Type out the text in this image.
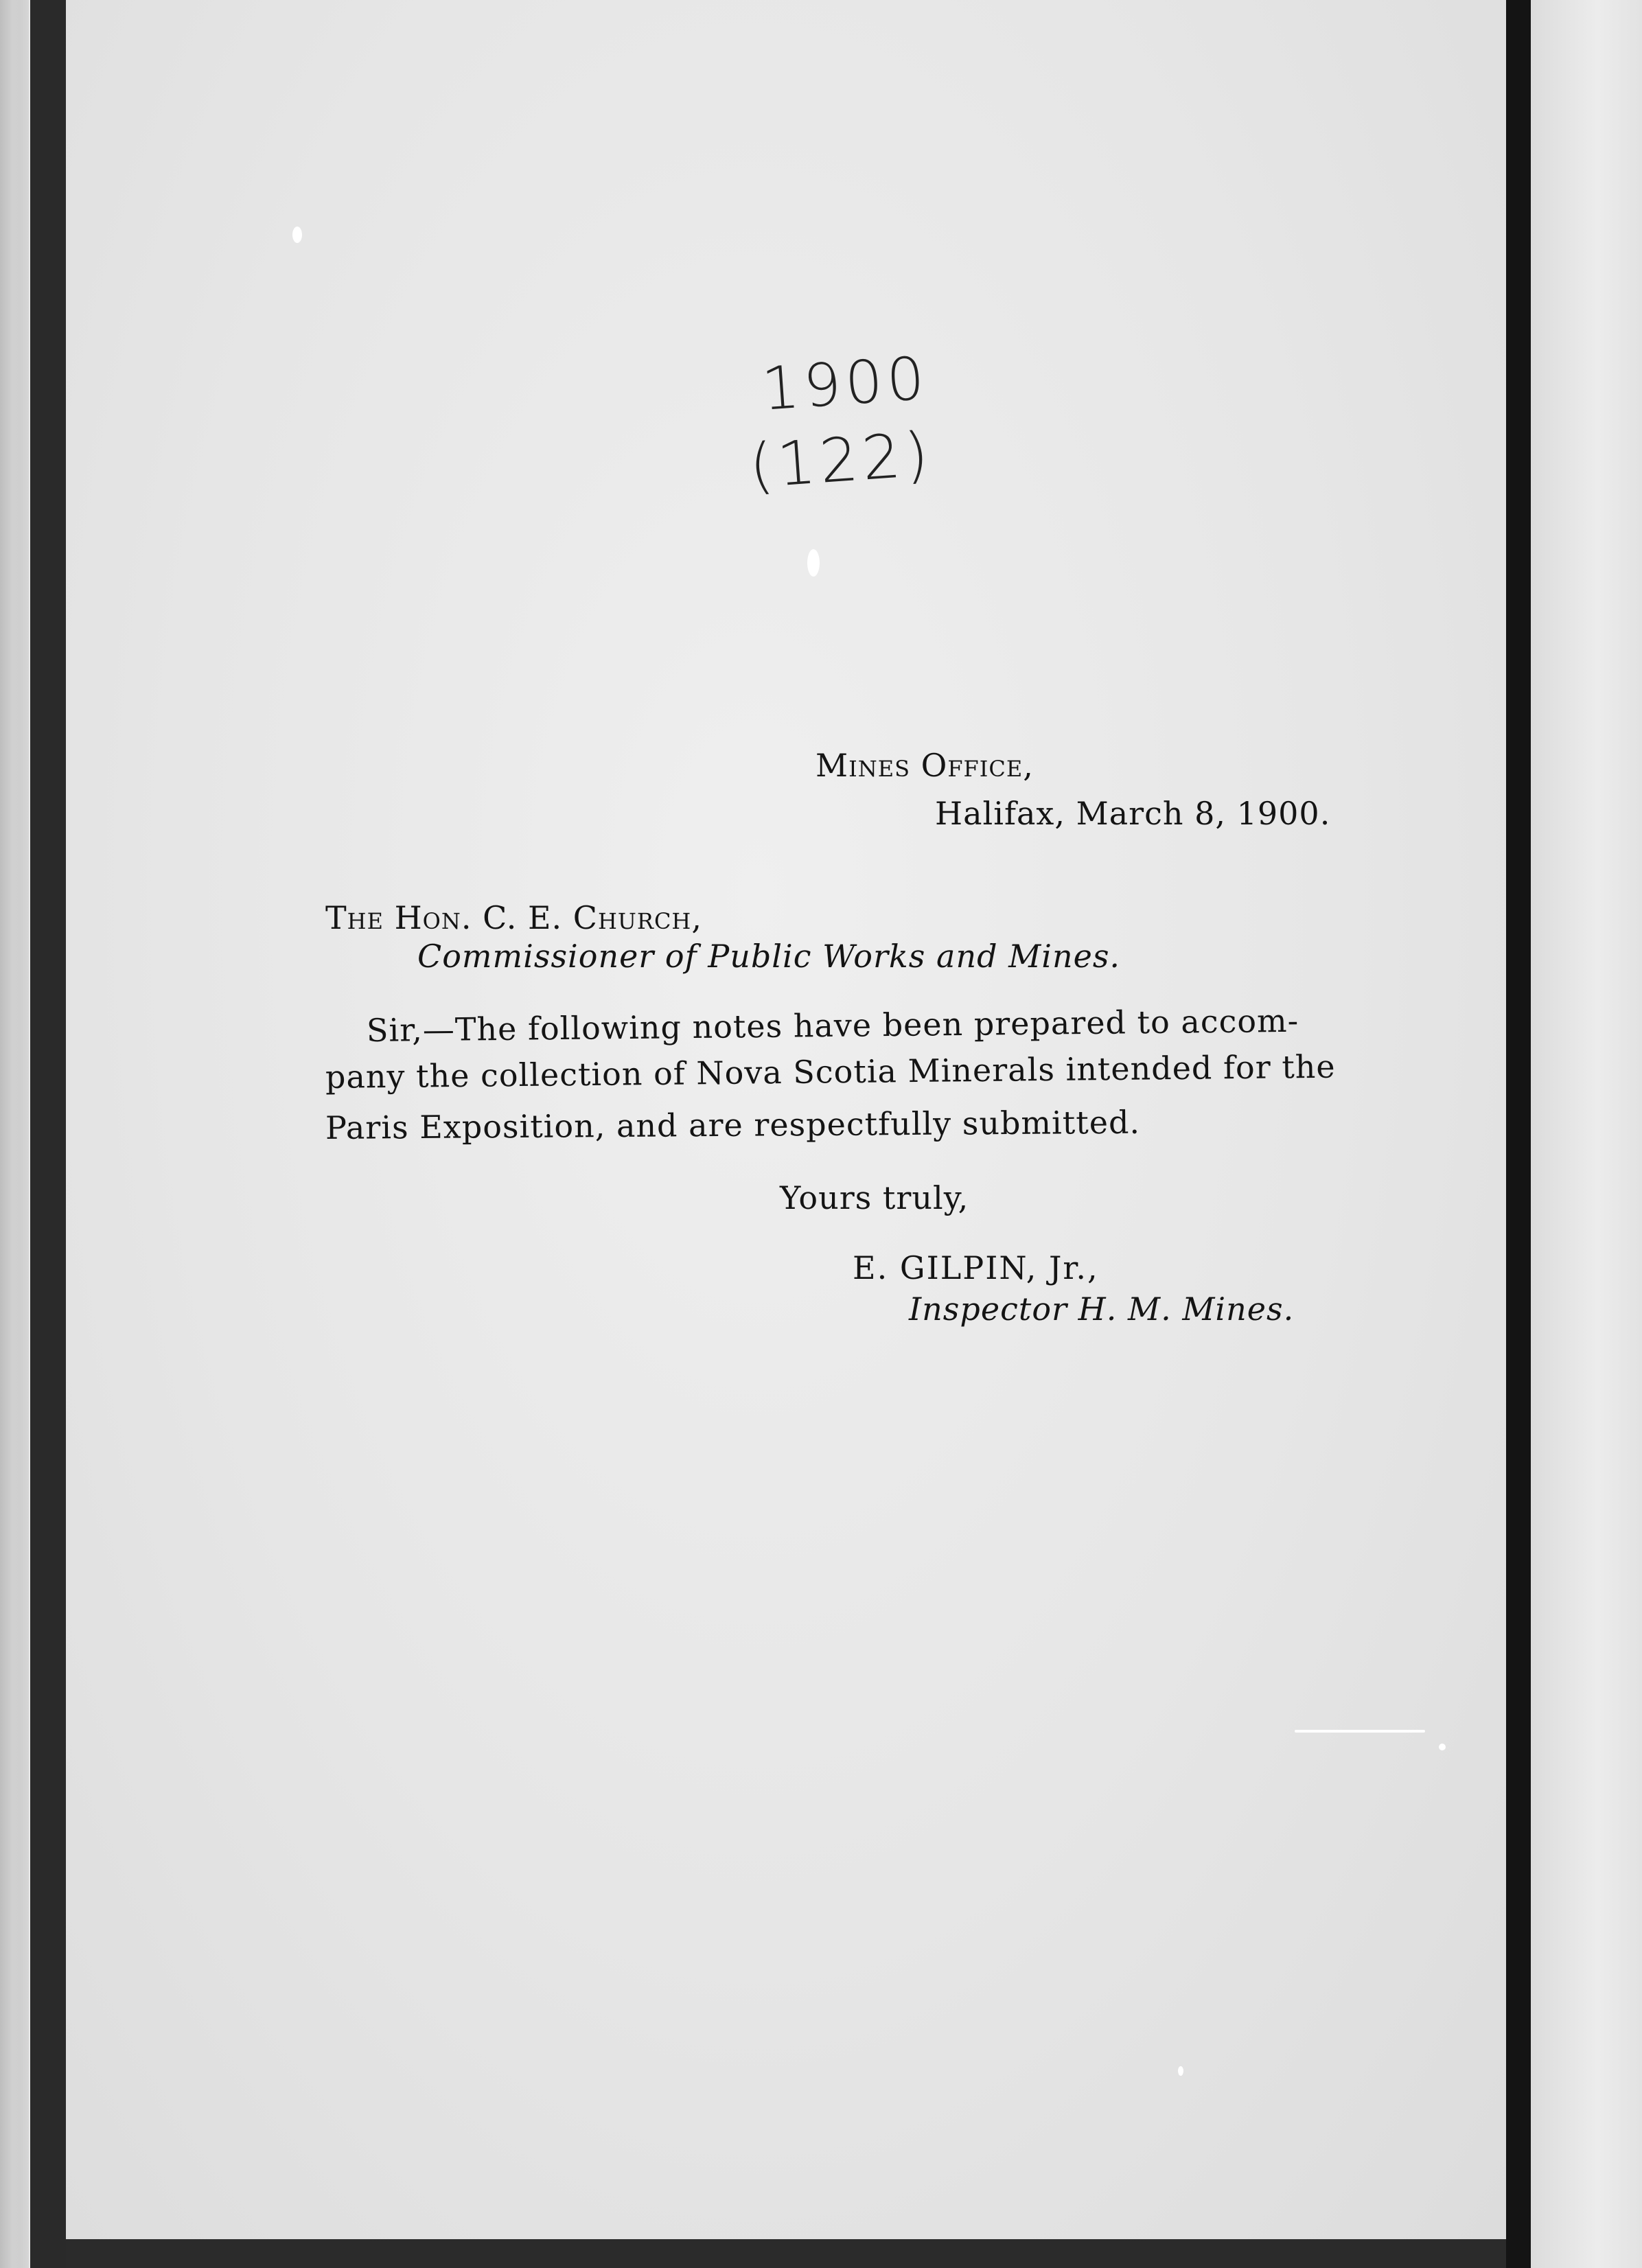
1900
(122)
Mines Office,
Halifax, March 8, 1900.
The Hon. C. E. Church,
Commissioner of Public Works and Mines.
Sir,—The following notes have been prepared to accom-
pany the collection of Nova Scotia Minerals intended for the
Paris Exposition, and are respectfully submitted.
Yours truly,
E. GILPIN, Jr.,
Inspector H. M. Mines.
